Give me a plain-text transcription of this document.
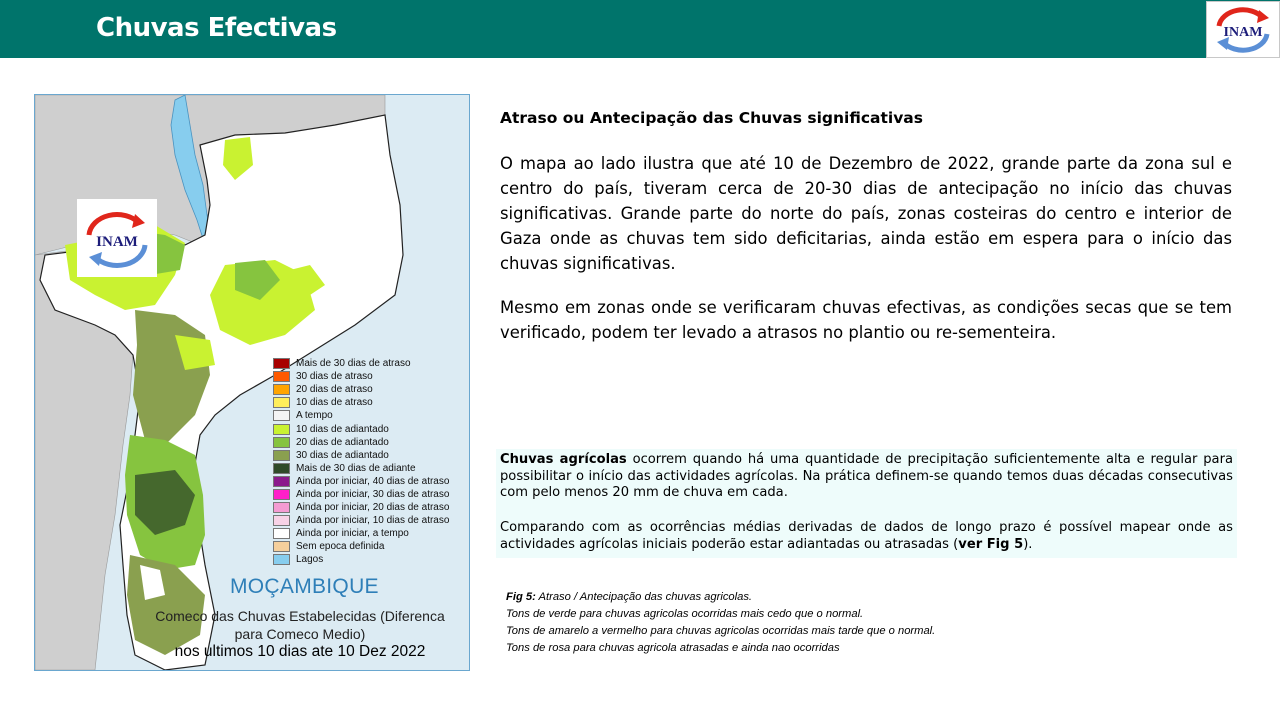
Chuvas Efectivas	INAM
INAM
Mais de 30 dias de atraso
30 dias de atraso
20 dias de atraso
10 dias de atraso
A tempo
10 dias de adiantado
20 dias de adiantado
30 dias de adiantado
Mais de 30 dias de adiante
Ainda por iniciar, 40 dias de atraso
Ainda por iniciar, 30 dias de atraso
Ainda por iniciar, 20 dias de atraso
Ainda por iniciar, 10 dias de atraso
Ainda por iniciar, a tempo
Sem epoca definida
Lagos
MOÇAMBIQUE
Comeco das Chuvas Estabelecidas (Diferenca
para Comeco Medio)
nos ultimos 10 dias ate 10 Dez 2022
Atraso ou Antecipação das Chuvas significativas

O mapa ao lado ilustra que até 10 de Dezembro de 2022, grande parte da zona sul e centro do país, tiveram cerca de 20-30 dias de antecipação no início das chuvas significativas. Grande parte do norte do país, zonas costeiras do centro e interior de Gaza onde as chuvas tem sido deficitarias, ainda estão em espera para o início das chuvas significativas.

Mesmo em zonas onde se verificaram chuvas efectivas, as condições secas que se tem verificado, podem ter levado a atrasos no plantio ou re-sementeira.

Chuvas agrícolas ocorrem quando há uma quantidade de precipitação suficientemente alta e regular para possibilitar o início das actividades agrícolas. Na prática definem-se quando temos duas décadas consecutivas com pelo menos 20 mm de chuva em cada.

Comparando com as ocorrências médias derivadas de dados de longo prazo é possível mapear onde as actividades agrícolas iniciais poderão estar adiantadas ou atrasadas (ver Fig 5).

Fig 5: Atraso / Antecipação das chuvas agricolas.
Tons de verde para chuvas agricolas ocorridas mais cedo que o normal.
Tons de amarelo a vermelho para chuvas agricolas ocorridas mais tarde que o normal.
Tons de rosa para chuvas agricola atrasadas e ainda nao ocorridas
